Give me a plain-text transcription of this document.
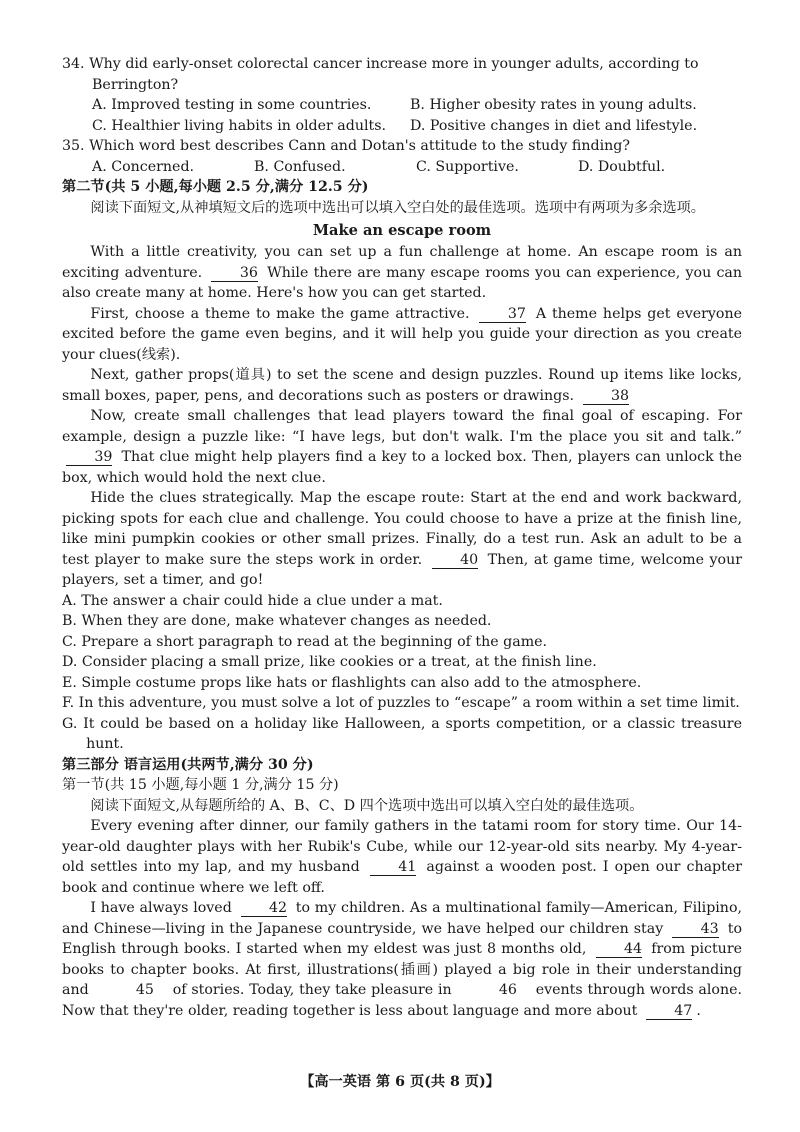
34. Why did early-onset colorectal cancer increase more in younger adults, according to
Berrington?
A. Improved testing in some countries.	B. Higher obesity rates in young adults.
C. Healthier living habits in older adults.	D. Positive changes in diet and lifestyle.
35. Which word best describes Cann and Dotan's attitude to the study finding?
A. Concerned.	B. Confused.	C. Supportive.	D. Doubtful.
第二节(共 5 小题,每小题 2.5 分,满分 12.5 分)
阅读下面短文,从神填短文后的选项中选出可以填入空白处的最佳选项。选项中有两项为多余选项。
Make an escape room
With a little creativity, you can set up a fun challenge at home. An escape room is an exciting adventure.	36 While there are many escape rooms you can experience, you can also create many at home. Here's how you can get started.
First, choose a theme to make the game attractive.	37 A theme helps get everyone excited before the game even begins, and it will help you guide your direction as you create your clues(线索).
Next, gather props(道具) to set the scene and design puzzles. Round up items like locks, small boxes, paper, pens, and decorations such as posters or drawings.	38
Now, create small challenges that lead players toward the final goal of escaping. For example, design a puzzle like: “I have legs, but don't walk. I'm the place you sit and talk.” 39 That clue might help players find a key to a locked box. Then, players can unlock the box, which would hold the next clue.
Hide the clues strategically. Map the escape route: Start at the end and work backward, picking spots for each clue and challenge. You could choose to have a prize at the finish line, like mini pumpkin cookies or other small prizes. Finally, do a test run. Ask an adult to be a test player to make sure the steps work in order.	40 Then, at game time, welcome your players, set a timer, and go!
A. The answer a chair could hide a clue under a mat.
B. When they are done, make whatever changes as needed.
C. Prepare a short paragraph to read at the beginning of the game.
D. Consider placing a small prize, like cookies or a treat, at the finish line.
E. Simple costume props like hats or flashlights can also add to the atmosphere.
F. In this adventure, you must solve a lot of puzzles to “escape” a room within a set time limit.
G. It could be based on a holiday like Halloween, a sports competition, or a classic treasure hunt.
第三部分 语言运用(共两节,满分 30 分)
第一节(共 15 小题,每小题 1 分,满分 15 分)
阅读下面短文,从每题所给的 A、B、C、D 四个选项中选出可以填入空白处的最佳选项。
Every evening after dinner, our family gathers in the tatami room for story time. Our 14-year-old daughter plays with her Rubik's Cube, while our 12-year-old sits nearby. My 4-year-old settles into my lap, and my husband	41 against a wooden post. I open our chapter book and continue where we left off.
I have always loved	42 to my children. As a multinational family—American, Filipino, and Chinese—living in the Japanese countryside, we have helped our children stay	43 to English through books. I started when my eldest was just 8 months old,	44 from picture books to chapter books. At first, illustrations(插画) played a big role in their understanding and	45 of stories. Today, they take pleasure in	46 events through words alone. Now that they're older, reading together is less about language and more about	47 .
【高一英语 第 6 页(共 8 页)】
